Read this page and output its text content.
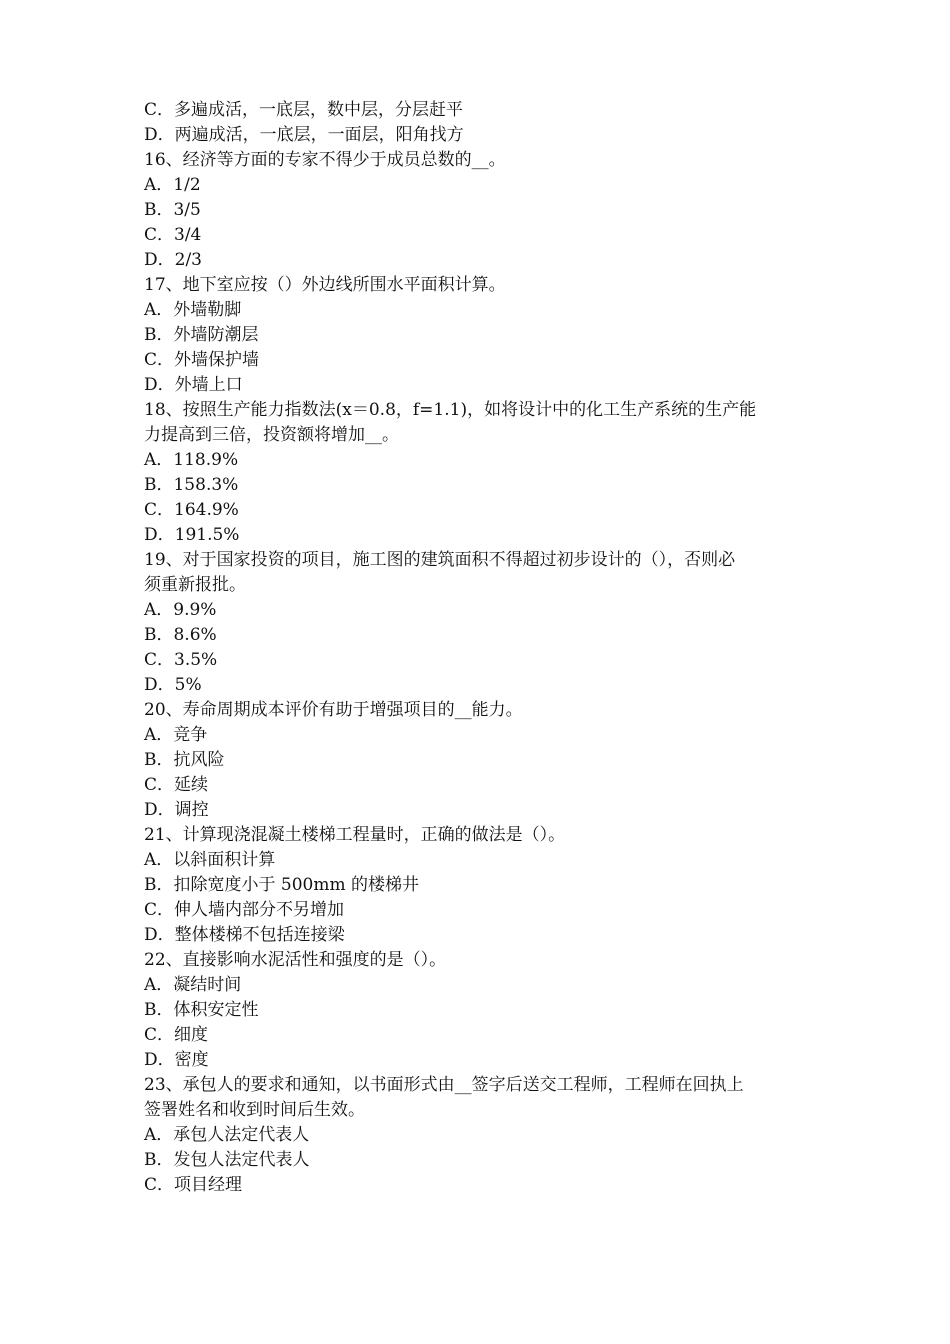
C．多遍成活，一底层，数中层，分层赶平
D．两遍成活，一底层，一面层，阳角找方
16、经济等方面的专家不得少于成员总数的__。
A．1/2
B．3/5
C．3/4
D．2/3
17、地下室应按（）外边线所围水平面积计算。
A．外墙勒脚
B．外墙防潮层
C．外墙保护墙
D．外墙上口
18、按照生产能力指数法(x＝0.8，f=1.1)，如将设计中的化工生产系统的生产能
力提高到三倍，投资额将增加__。
A．118.9%
B．158.3%
C．164.9%
D．191.5%
19、对于国家投资的项目，施工图的建筑面积不得超过初步设计的（），否则必
须重新报批。
A．9.9%
B．8.6%
C．3.5%
D．5%
20、寿命周期成本评价有助于增强项目的__能力。
A．竞争
B．抗风险
C．延续
D．调控
21、计算现浇混凝土楼梯工程量时，正确的做法是（）。
A．以斜面积计算
B．扣除宽度小于 500mm 的楼梯井
C．伸人墙内部分不另增加
D．整体楼梯不包括连接梁
22、直接影响水泥活性和强度的是（）。
A．凝结时间
B．体积安定性
C．细度
D．密度
23、承包人的要求和通知，以书面形式由__签字后送交工程师，工程师在回执上
签署姓名和收到时间后生效。
A．承包人法定代表人
B．发包人法定代表人
C．项目经理
